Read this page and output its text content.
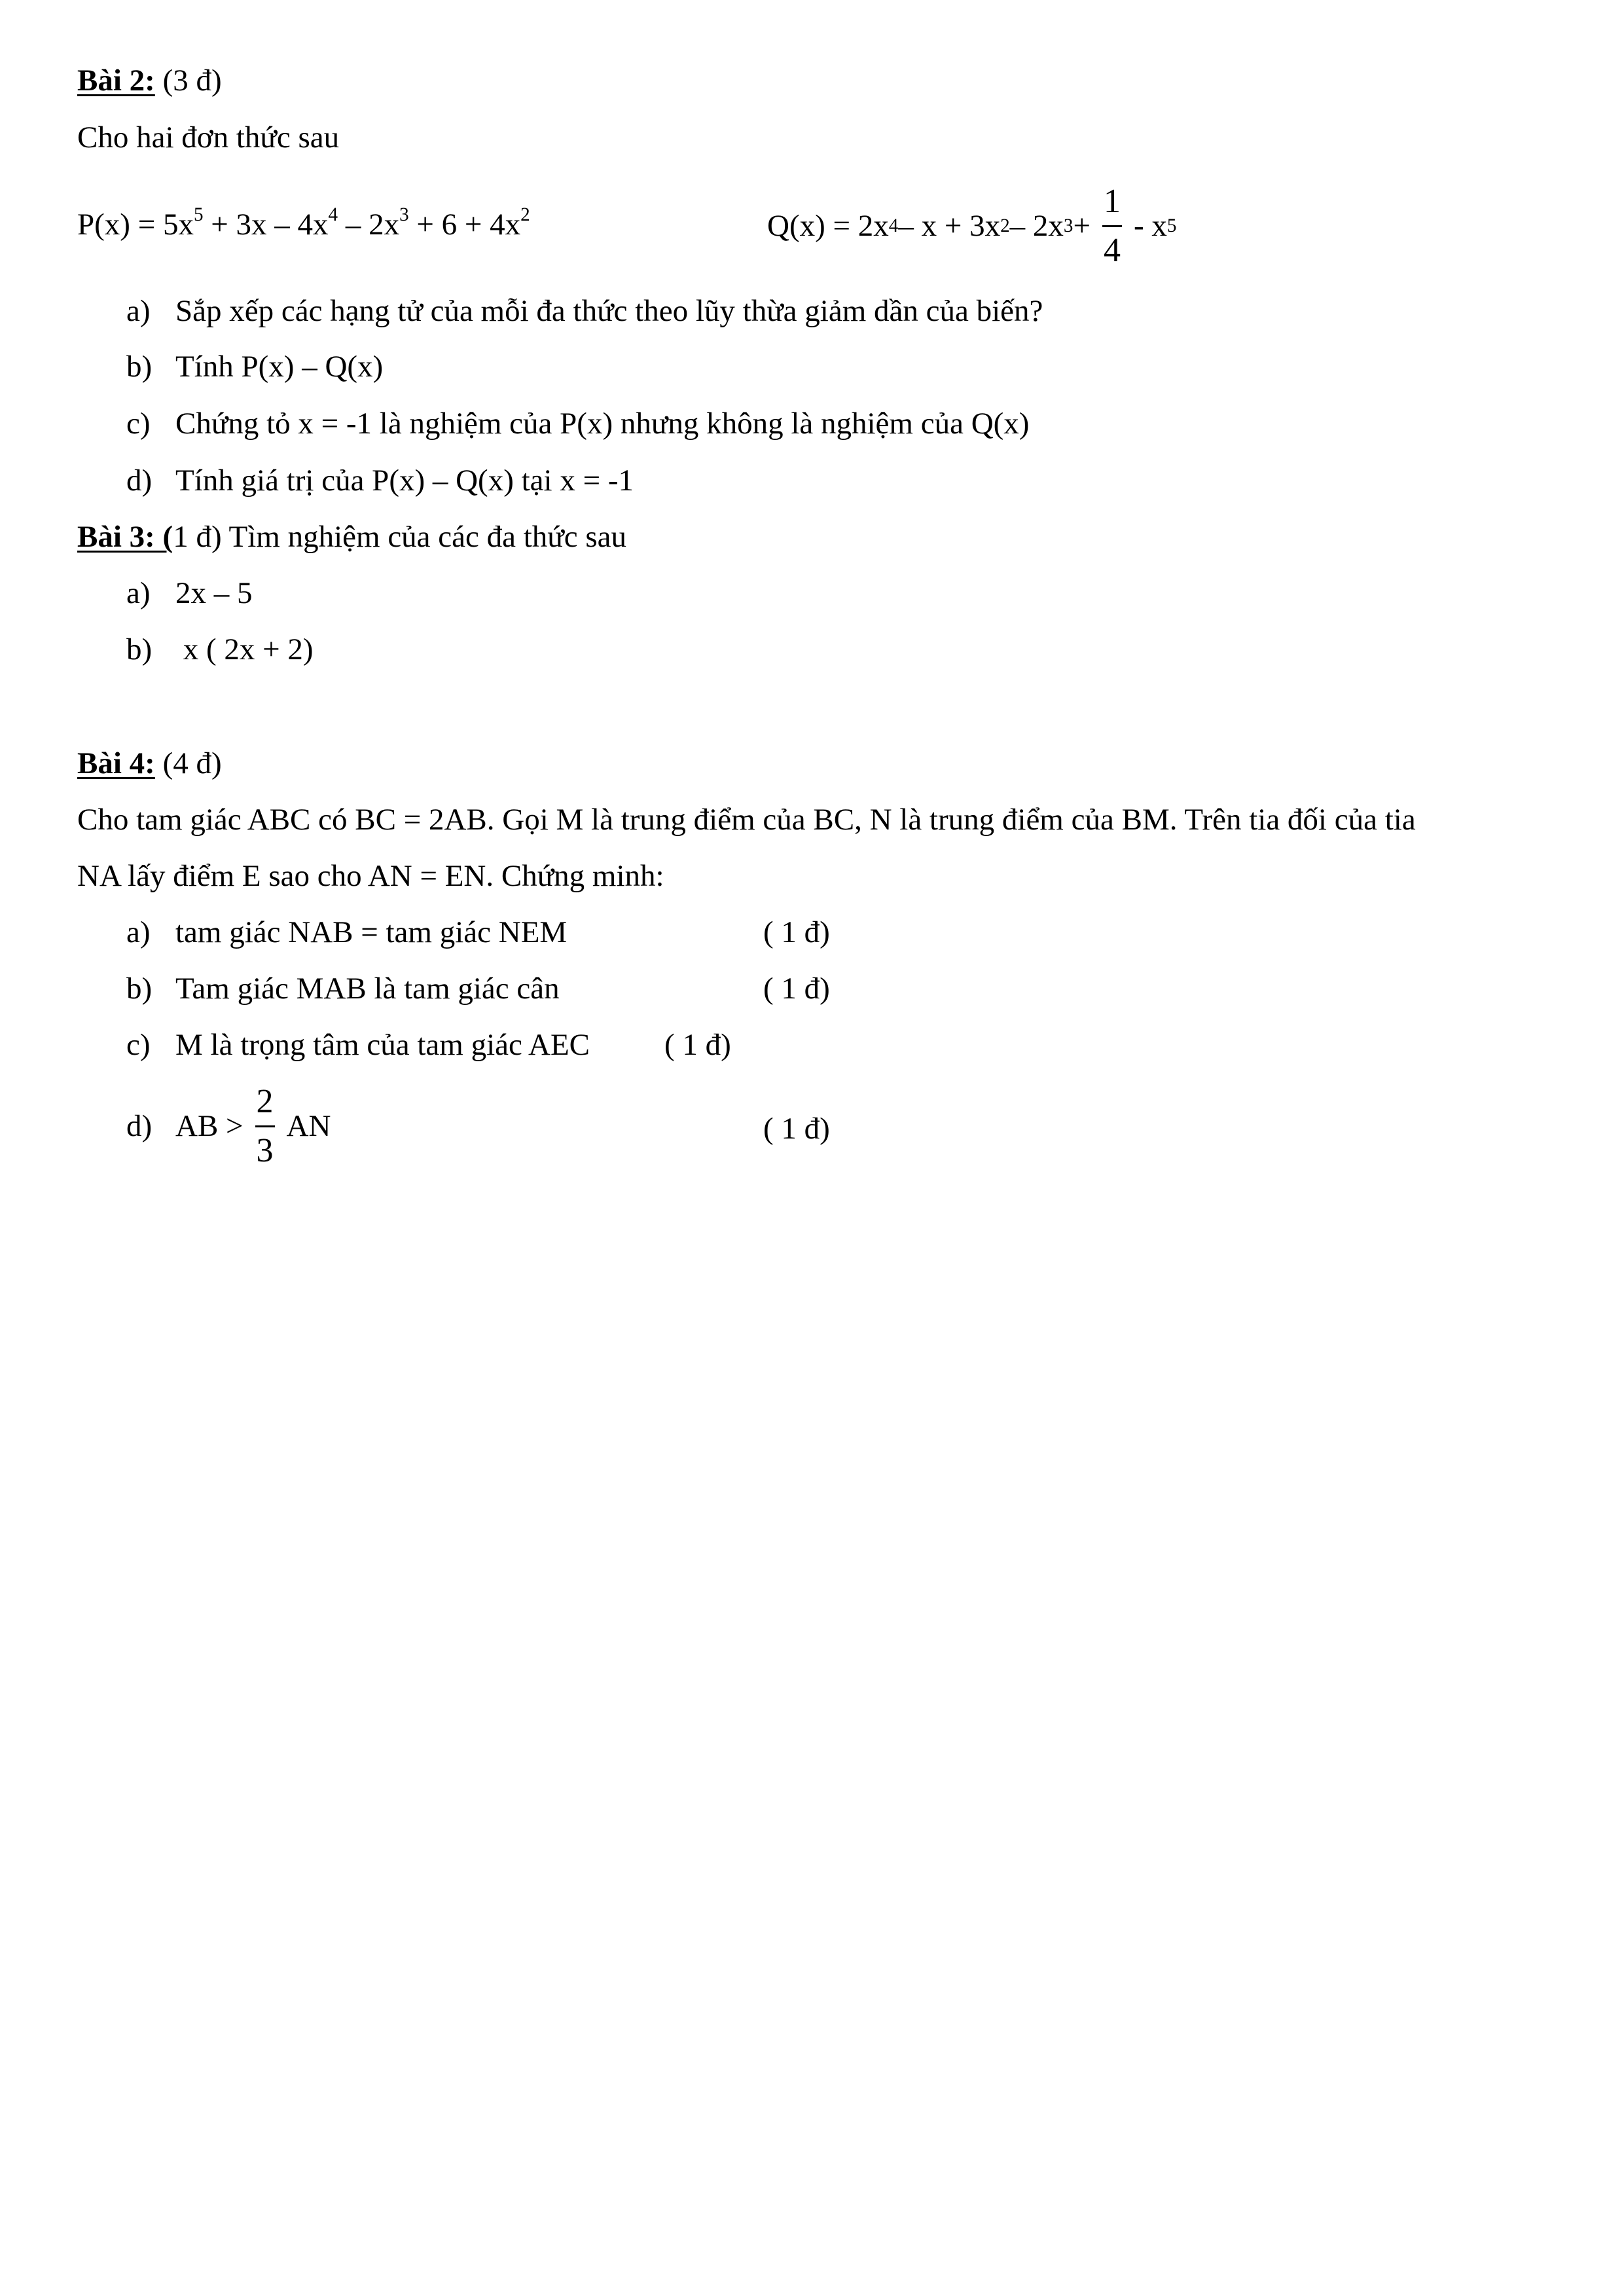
Bài 2: (3 đ)
Cho hai đơn thức sau
$P(x) = 5x^5 + 3x - 4x^4 - 2x^3 + 6 + 4x^2$	Q(x) = 2x 4 – x + 3x 2 – 2x $3 + \frac{1}{4} - x$ 5
a) Sắp xếp các hạng tử của mỗi đa thức theo lũy thừa giảm dần của biến?
b) Tính P(x) – Q(x)
c) Chứng tỏ x = -1 là nghiệm của P(x) nhưng không là nghiệm của Q(x)
d) Tính giá trị của P(x) – Q(x) tại x = -1
Bài 3: (1 đ) Tìm nghiệm của các đa thức sau
a) 2x – 5
b) x ( 2x + 2)
Bài 4: (4 đ)
Cho tam giác ABC có BC = 2AB. Gọi M là trung điểm của BC, N là trung điểm của BM. Trên tia đối của tia
NA lấy điểm E sao cho AN = EN. Chứng minh:
a) tam giác NAB = tam giác NEM	( 1 đ)
b) Tam giác MAB là tam giác cân	( 1 đ)
c) M là trọng tâm của tam giác AEC ( 1 đ)
d) AB > $\frac{2}{3}$ AN	( 1 đ)
